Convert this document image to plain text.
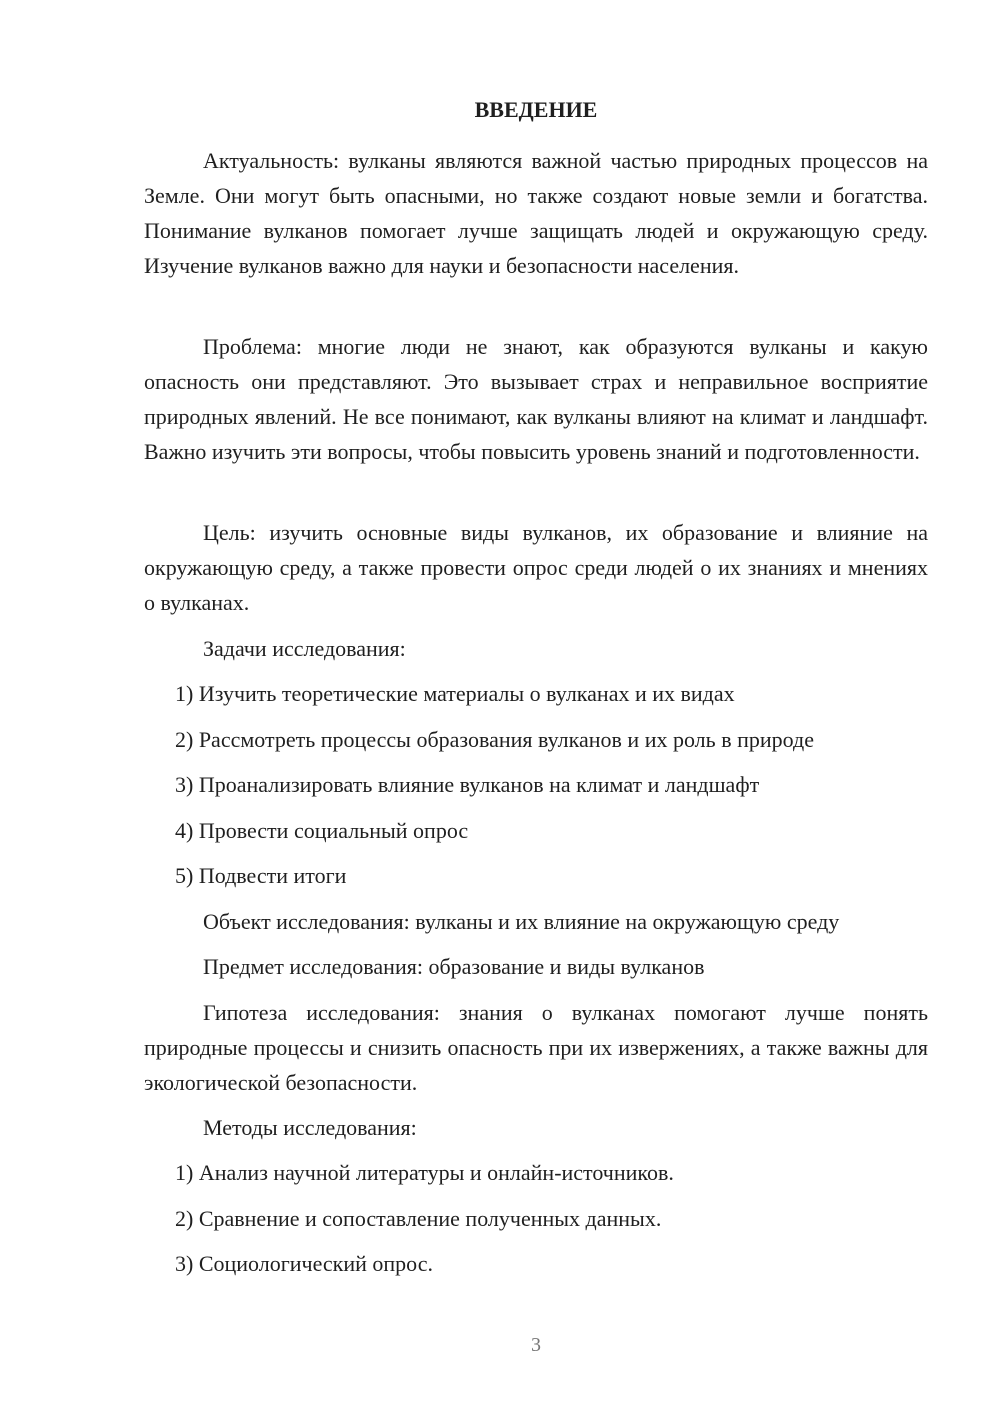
ВВЕДЕНИЕ

Актуальность: вулканы являются важной частью природных процессов на Земле. Они могут быть опасными, но также создают новые земли и богатства. Понимание вулканов помогает лучше защищать людей и окружающую среду. Изучение вулканов важно для науки и безопасности населения.

Проблема: многие люди не знают, как образуются вулканы и какую опасность они представляют. Это вызывает страх и неправильное восприятие природных явлений. Не все понимают, как вулканы влияют на климат и ландшафт. Важно изучить эти вопросы, чтобы повысить уровень знаний и подготовленности.

Цель: изучить основные виды вулканов, их образование и влияние на окружающую среду, а также провести опрос среди людей о их знаниях и мнениях о вулканах.

Задачи исследования:

1) Изучить теоретические материалы о вулканах и их видах

2) Рассмотреть процессы образования вулканов и их роль в природе

3) Проанализировать влияние вулканов на климат и ландшафт

4) Провести социальный опрос

5) Подвести итоги

Объект исследования: вулканы и их влияние на окружающую среду

Предмет исследования: образование и виды вулканов

Гипотеза исследования: знания о вулканах помогают лучше понять природные процессы и снизить опасность при их извержениях, а также важны для экологической безопасности.

Методы исследования:

1) Анализ научной литературы и онлайн-источников.

2) Сравнение и сопоставление полученных данных.

3) Социологический опрос.

3
